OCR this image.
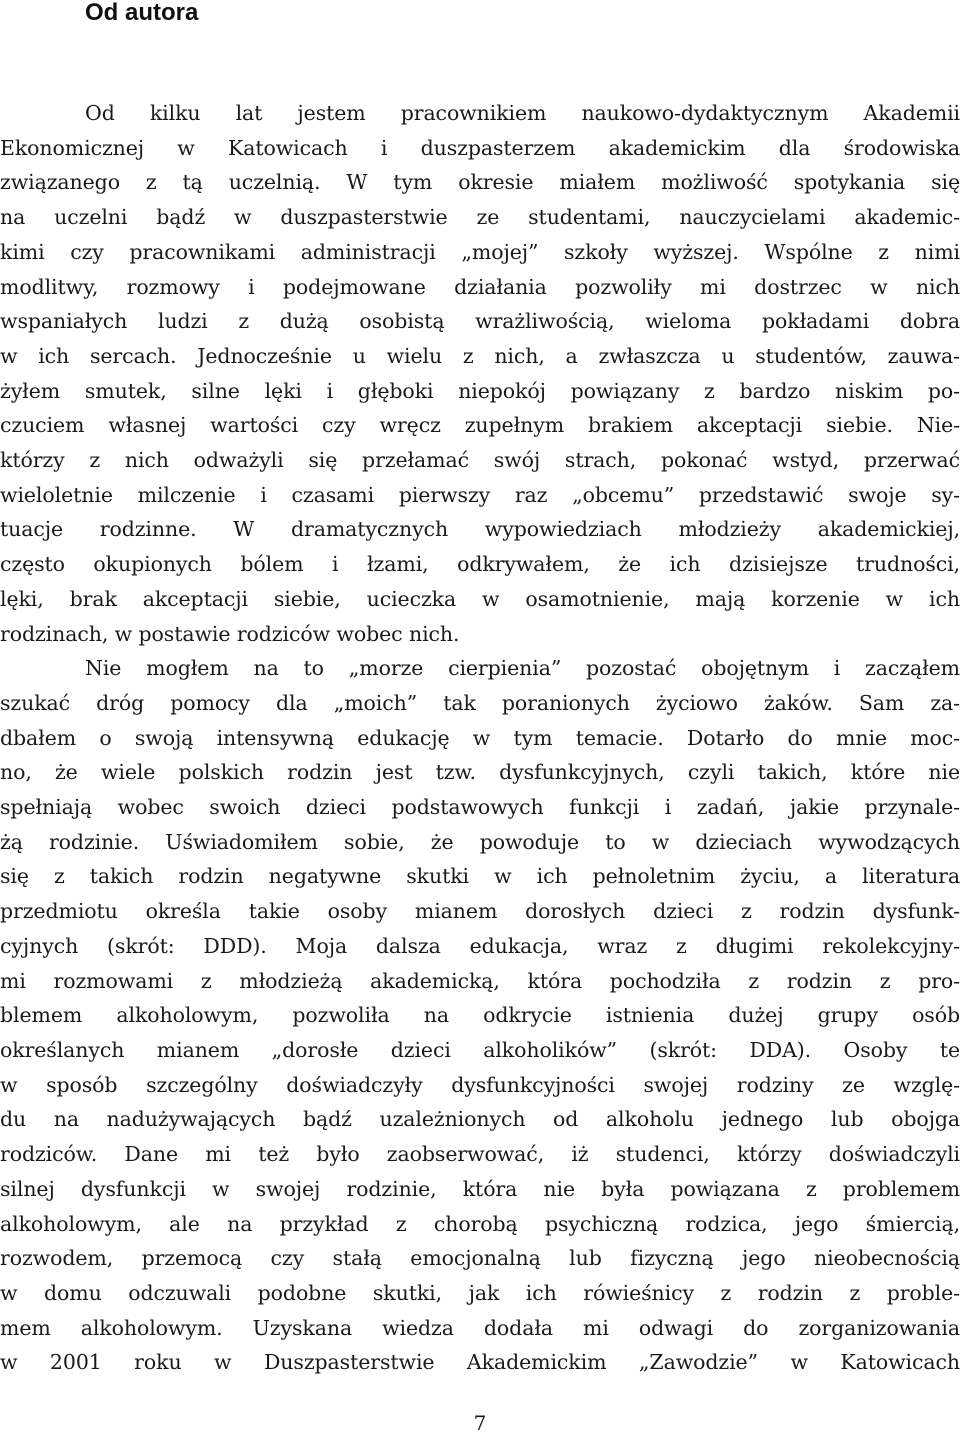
Od autora
Od kilku lat jestem pracownikiem naukowo-dydaktycznym Akademii
Ekonomicznej w Katowicach i duszpasterzem akademickim dla środowiska
związanego z tą uczelnią. W tym okresie miałem możliwość spotykania się
na uczelni bądź w duszpasterstwie ze studentami, nauczycielami akademic-
kimi czy pracownikami administracji „mojej” szkoły wyższej. Wspólne z nimi
modlitwy, rozmowy i podejmowane działania pozwoliły mi dostrzec w nich
wspaniałych ludzi z dużą osobistą wrażliwością, wieloma pokładami dobra
w ich sercach. Jednocześnie u wielu z nich, a zwłaszcza u studentów, zauwa-
żyłem smutek, silne lęki i głęboki niepokój powiązany z bardzo niskim po-
czuciem własnej wartości czy wręcz zupełnym brakiem akceptacji siebie. Nie-
którzy z nich odważyli się przełamać swój strach, pokonać wstyd, przerwać
wieloletnie milczenie i czasami pierwszy raz „obcemu” przedstawić swoje sy-
tuacje rodzinne. W dramatycznych wypowiedziach młodzieży akademickiej,
często okupionych bólem i łzami, odkrywałem, że ich dzisiejsze trudności,
lęki, brak akceptacji siebie, ucieczka w osamotnienie, mają korzenie w ich
rodzinach, w postawie rodziców wobec nich.
Nie mogłem na to „morze cierpienia” pozostać obojętnym i zacząłem
szukać dróg pomocy dla „moich” tak poranionych życiowo żaków. Sam za-
dbałem o swoją intensywną edukację w tym temacie. Dotarło do mnie moc-
no, że wiele polskich rodzin jest tzw. dysfunkcyjnych, czyli takich, które nie
spełniają wobec swoich dzieci podstawowych funkcji i zadań, jakie przynale-
żą rodzinie. Uświadomiłem sobie, że powoduje to w dzieciach wywodzących
się z takich rodzin negatywne skutki w ich pełnoletnim życiu, a literatura
przedmiotu określa takie osoby mianem dorosłych dzieci z rodzin dysfunk-
cyjnych (skrót: DDD). Moja dalsza edukacja, wraz z długimi rekolekcyjny-
mi rozmowami z młodzieżą akademicką, która pochodziła z rodzin z pro-
blemem alkoholowym, pozwoliła na odkrycie istnienia dużej grupy osób
określanych mianem „dorosłe dzieci alkoholików” (skrót: DDA). Osoby te
w sposób szczególny doświadczyły dysfunkcyjności swojej rodziny ze wzglę-
du na nadużywających bądź uzależnionych od alkoholu jednego lub obojga
rodziców. Dane mi też było zaobserwować, iż studenci, którzy doświadczyli
silnej dysfunkcji w swojej rodzinie, która nie była powiązana z problemem
alkoholowym, ale na przykład z chorobą psychiczną rodzica, jego śmiercią,
rozwodem, przemocą czy stałą emocjonalną lub fizyczną jego nieobecnością
w domu odczuwali podobne skutki, jak ich rówieśnicy z rodzin z proble-
mem alkoholowym. Uzyskana wiedza dodała mi odwagi do zorganizowania
w 2001 roku w Duszpasterstwie Akademickim „Zawodzie” w Katowicach
7
